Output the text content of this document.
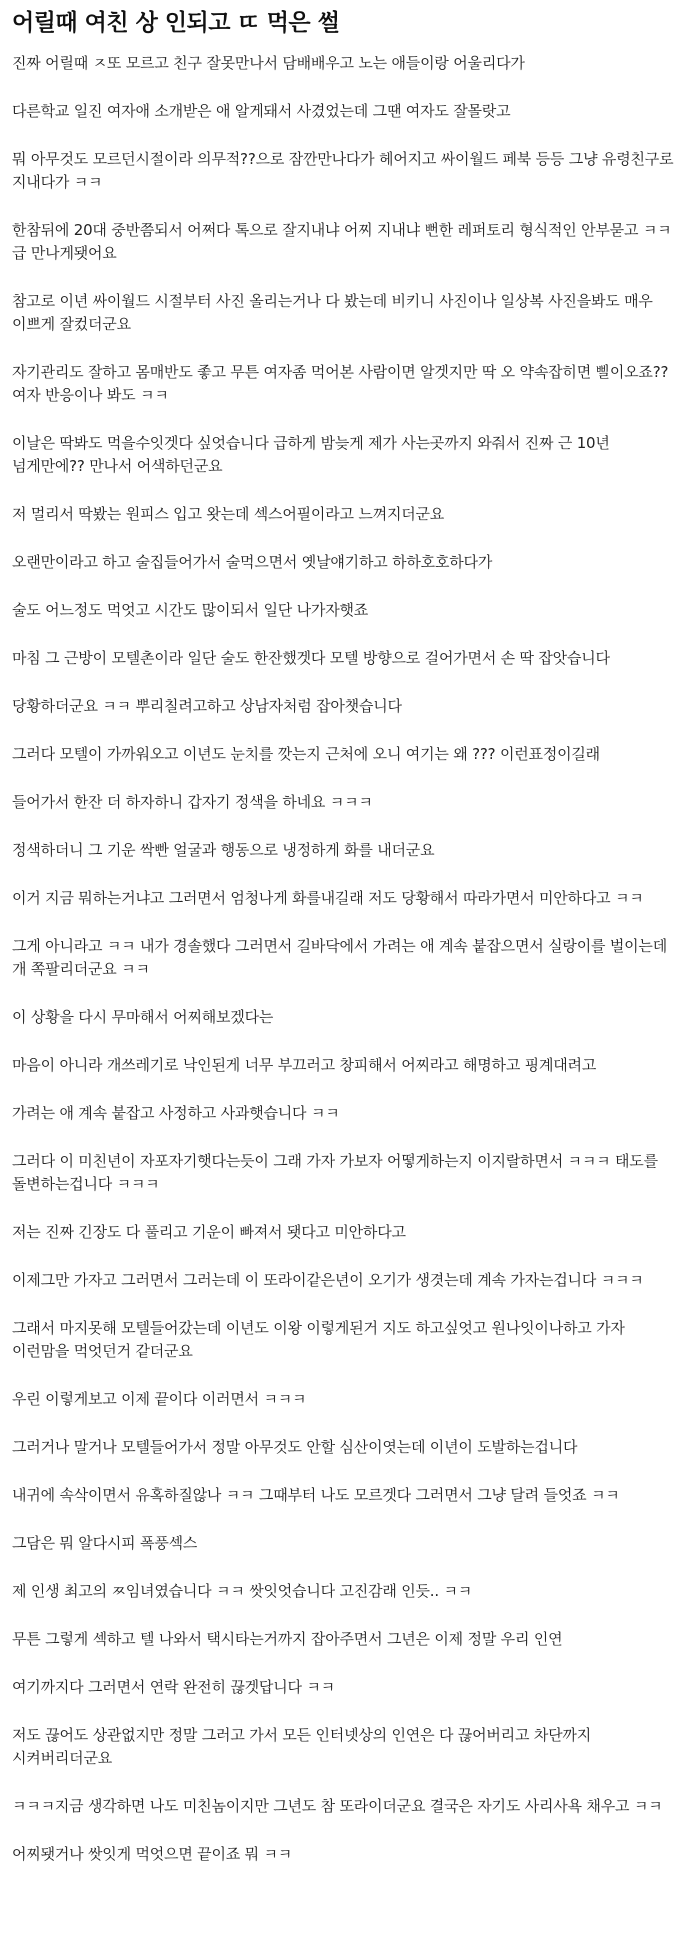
어릴때 여친 상 인되고 ㄸ 먹은 썰
진짜 어릴때 ㅈ또 모르고 친구 잘못만나서 담배배우고 노는 애들이랑 어울리다가
다른학교 일진 여자애 소개받은 애 알게돼서 사겼었는데 그땐 여자도 잘몰랏고
뭐 아무것도 모르던시절이라 의무적??으로 잠깐만나다가 헤어지고 싸이월드 페북 등등 그냥 유령친구로 지내다가 ㅋㅋ
한참뒤에 20대 중반쯤되서 어쩌다 톡으로 잘지내냐 어찌 지내냐 뻔한 레퍼토리 형식적인 안부묻고 ㅋㅋ 급 만나게됏어요
참고로 이년 싸이월드 시절부터 사진 올리는거나 다 봤는데 비키니 사진이나 일상복 사진을봐도 매우 이쁘게 잘컸더군요
자기관리도 잘하고 몸매반도 좋고 무튼 여자좀 먹어본 사람이면 알겟지만 딱 오 약속잡히면 삘이오죠?? 여자 반응이나 봐도 ㅋㅋ
이날은 딱봐도 먹을수잇겟다 싶엇습니다 급하게 밤늦게 제가 사는곳까지 와줘서 진짜 근 10년 넘게만에?? 만나서 어색하던군요
저 멀리서 딱봤는 원피스 입고 왓는데 섹스어필이라고 느껴지더군요
오랜만이라고 하고 술집들어가서 술먹으면서 옛날얘기하고 하하호호하다가
술도 어느정도 먹엇고 시간도 많이되서 일단 나가자햇죠
마침 그 근방이 모텔촌이라 일단 술도 한잔했겟다 모텔 방향으로 걸어가면서 손 딱 잡앗습니다
당황하더군요 ㅋㅋ 뿌리칠려고하고 상남자처럼 잡아챗습니다
그러다 모텔이 가까워오고 이년도 눈치를 깟는지 근처에 오니 여기는 왜 ??? 이런표정이길래
들어가서 한잔 더 하자하니 갑자기 정색을 하네요 ㅋㅋㅋ
정색하더니 그 기운 싹빤 얼굴과 행동으로 냉정하게 화를 내더군요
이거 지금 뭐하는거냐고 그러면서 엄청나게 화를내길래 저도 당황해서 따라가면서 미안하다고 ㅋㅋ
그게 아니라고 ㅋㅋ 내가 경솔했다 그러면서 길바닥에서 가려는 애 계속 붙잡으면서 실랑이를 벌이는데 개 쪽팔리더군요 ㅋㅋ
이 상황을 다시 무마해서 어찌해보겠다는
마음이 아니라 개쓰레기로 낙인된게 너무 부끄러고 창피해서 어찌라고 해명하고 핑계대려고
가려는 애 계속 붙잡고 사정하고 사과햇습니다 ㅋㅋ
그러다 이 미친년이 자포자기햇다는듯이 그래 가자 가보자 어떻게하는지 이지랄하면서 ㅋㅋㅋ 태도를 돌변하는겁니다 ㅋㅋㅋ
저는 진짜 긴장도 다 풀리고 기운이 빠져서 됏다고 미안하다고
이제그만 가자고 그러면서 그러는데 이 또라이같은년이 오기가 생겻는데 계속 가자는겁니다 ㅋㅋㅋ
그래서 마지못해 모텔들어갔는데 이년도 이왕 이렇게된거 지도 하고싶엇고 원나잇이나하고 가자 이런맘을 먹엇던거 같더군요
우린 이렇게보고 이제 끝이다 이러면서 ㅋㅋㅋ
그러거나 말거나 모텔들어가서 정말 아무것도 안할 심산이엿는데 이년이 도발하는겁니다
내귀에 속삭이면서 유혹하질않나 ㅋㅋ 그때부터 나도 모르겟다 그러면서 그냥 달려 들엇죠 ㅋㅋ
그담은 뭐 알다시피 폭풍섹스
제 인생 최고의 ㅉ임녀였습니다 ㅋㅋ 쌋잇엇습니다 고진감래 인듯.. ㅋㅋ
무튼 그렇게 섹하고 텔 나와서 택시타는거까지 잡아주면서 그년은 이제 정말 우리 인연
여기까지다 그러면서 연락 완전히 끊겟답니다 ㅋㅋ
저도 끊어도 상관없지만 정말 그러고 가서 모든 인터넷상의 인연은 다 끊어버리고 차단까지 시켜버리더군요
ㅋㅋㅋ지금 생각하면 나도 미친놈이지만 그년도 참 또라이더군요 결국은 자기도 사리사욕 채우고 ㅋㅋ
어찌됏거나 쌋잇게 먹엇으면 끝이죠 뭐 ㅋㅋ
